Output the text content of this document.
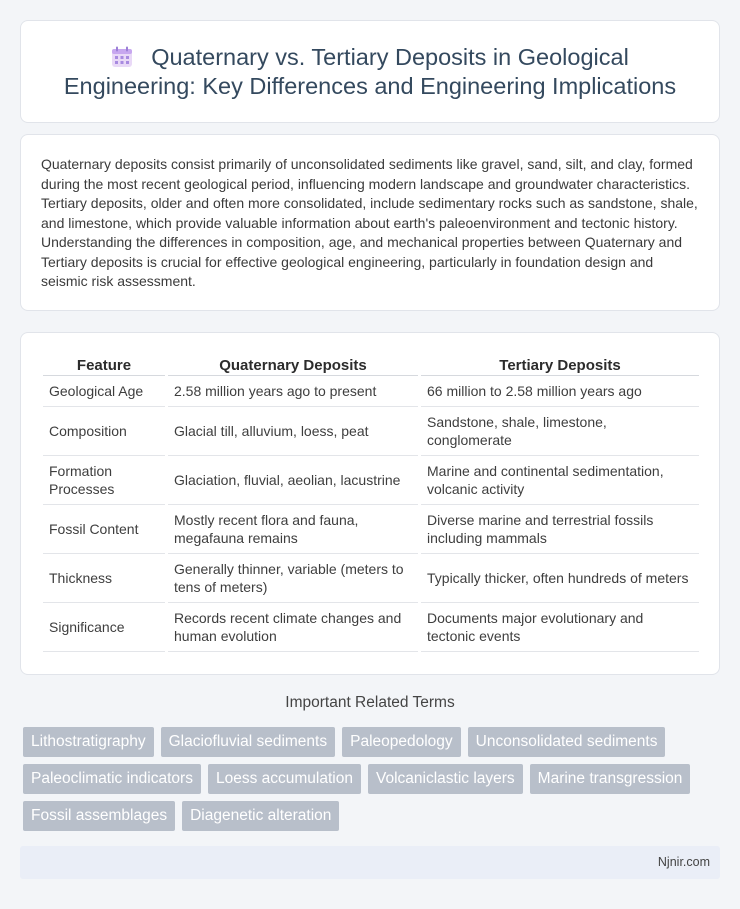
Quaternary vs. Tertiary Deposits in Geological Engineering: Key Differences and Engineering Implications

Quaternary deposits consist primarily of unconsolidated sediments like gravel, sand, silt, and clay, formed during the most recent geological period, influencing modern landscape and groundwater characteristics. Tertiary deposits, older and often more consolidated, include sedimentary rocks such as sandstone, shale, and limestone, which provide valuable information about earth's paleoenvironment and tectonic history. Understanding the differences in composition, age, and mechanical properties between Quaternary and Tertiary deposits is crucial for effective geological engineering, particularly in foundation design and seismic risk assessment.

Feature		Quaternary Deposits		Tertiary Deposits
Geological Age		2.58 million years ago to present		66 million to 2.58 million years ago
Composition		Glacial till, alluvium, loess, peat		Sandstone, shale, limestone, conglomerate
Formation Processes		Glaciation, fluvial, aeolian, lacustrine		Marine and continental sedimentation, volcanic activity
Fossil Content		Mostly recent flora and fauna, megafauna remains		Diverse marine and terrestrial fossils including mammals
Thickness		Generally thinner, variable (meters to tens of meters)		Typically thicker, often hundreds of meters
Significance		Records recent climate changes and human evolution		Documents major evolutionary and tectonic events
Important Related Terms
Lithostratigraphy	Glaciofluvial sediments	Paleopedology	Unconsolidated sediments
Paleoclimatic indicators	Loess accumulation	Volcaniclastic layers	Marine transgression
Fossil assemblages	Diagenetic alteration
Njnir.com
